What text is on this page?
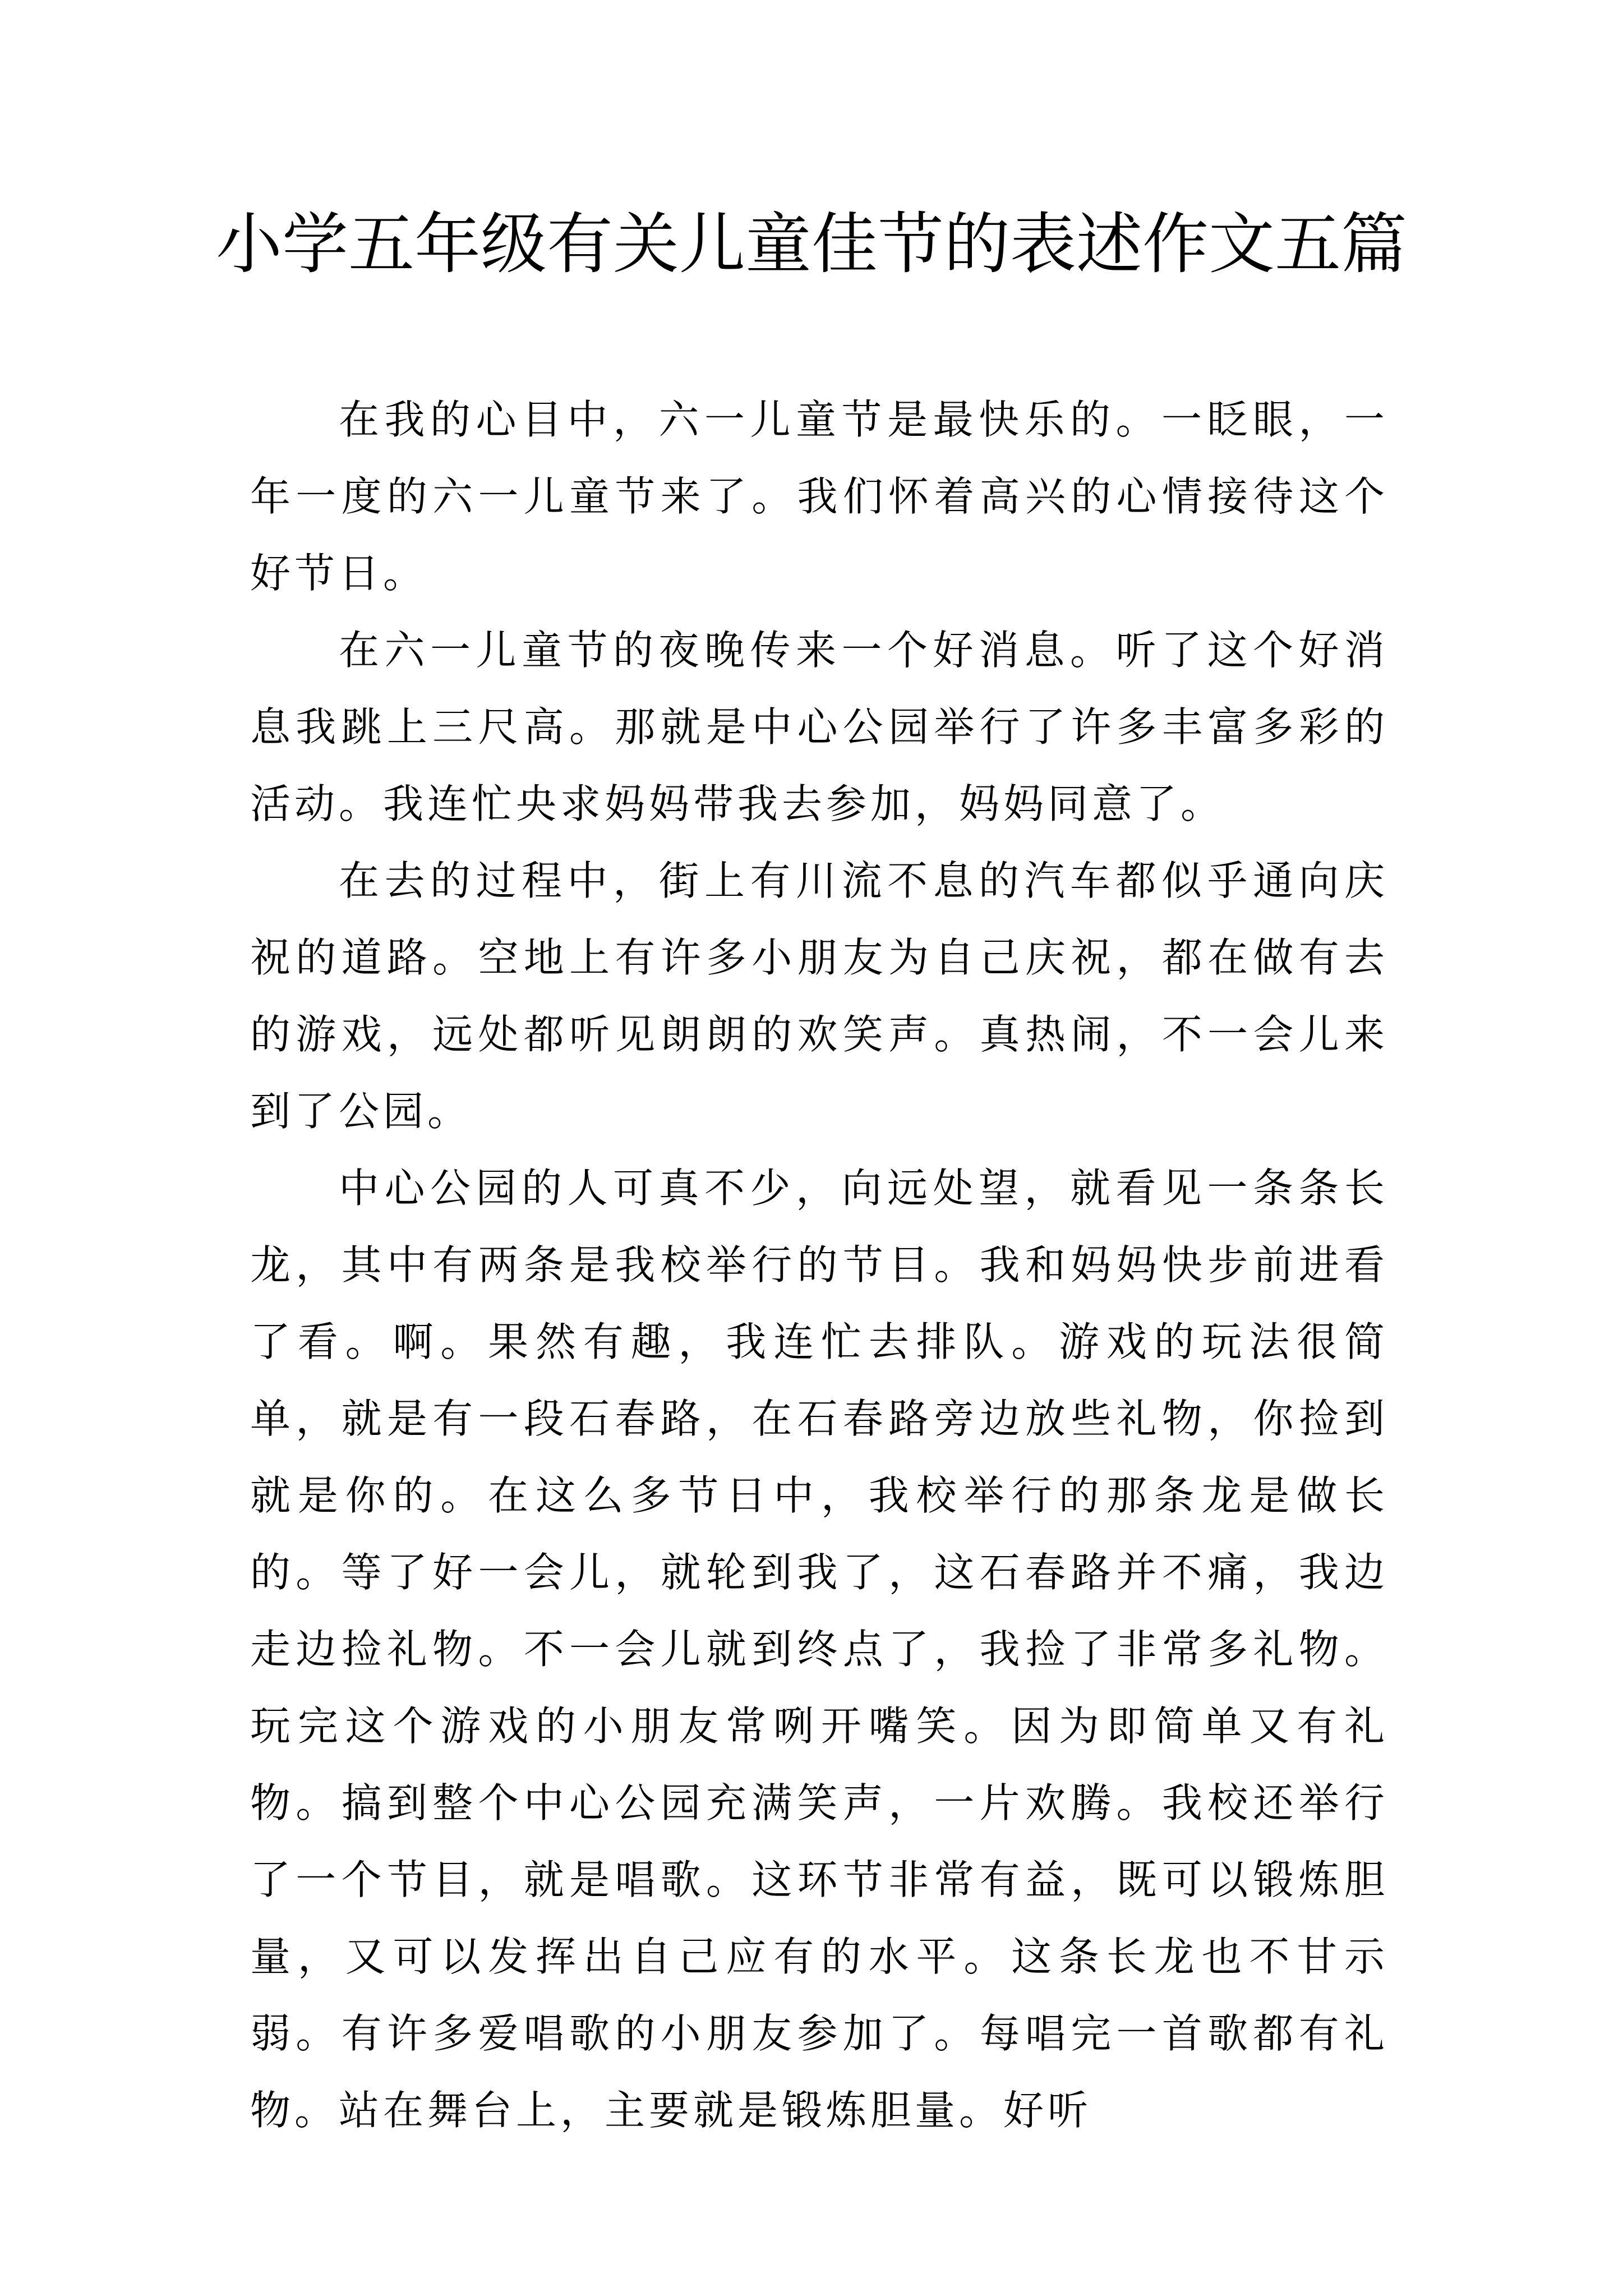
小学五年级有关儿童佳节的表述作文五篇

在我的心目中，六一儿童节是最快乐的。一眨眼，一年一度的六一儿童节来了。我们怀着高兴的心情接待这个好节日。

在六一儿童节的夜晚传来一个好消息。听了这个好消息我跳上三尺高。那就是中心公园举行了许多丰富多彩的活动。我连忙央求妈妈带我去参加，妈妈同意了。

在去的过程中，街上有川流不息的汽车都似乎通向庆祝的道路。空地上有许多小朋友为自己庆祝，都在做有去的游戏，远处都听见朗朗的欢笑声。真热闹，不一会儿来到了公园。

中心公园的人可真不少，向远处望，就看见一条条长龙，其中有两条是我校举行的节目。我和妈妈快步前进看了看。啊。果然有趣，我连忙去排队。游戏的玩法很简单，就是有一段石春路，在石春路旁边放些礼物，你捡到就是你的。在这么多节日中，我校举行的那条龙是做长的。等了好一会儿，就轮到我了，这石春路并不痛，我边走边捡礼物。不一会儿就到终点了，我捡了非常多礼物。玩完这个游戏的小朋友常咧开嘴笑。因为即简单又有礼物。搞到整个中心公园充满笑声，一片欢腾。我校还举行了一个节目，就是唱歌。这环节非常有益，既可以锻炼胆量，又可以发挥出自己应有的水平。这条长龙也不甘示弱。有许多爱唱歌的小朋友参加了。每唱完一首歌都有礼物。站在舞台上，主要就是锻炼胆量。好听
